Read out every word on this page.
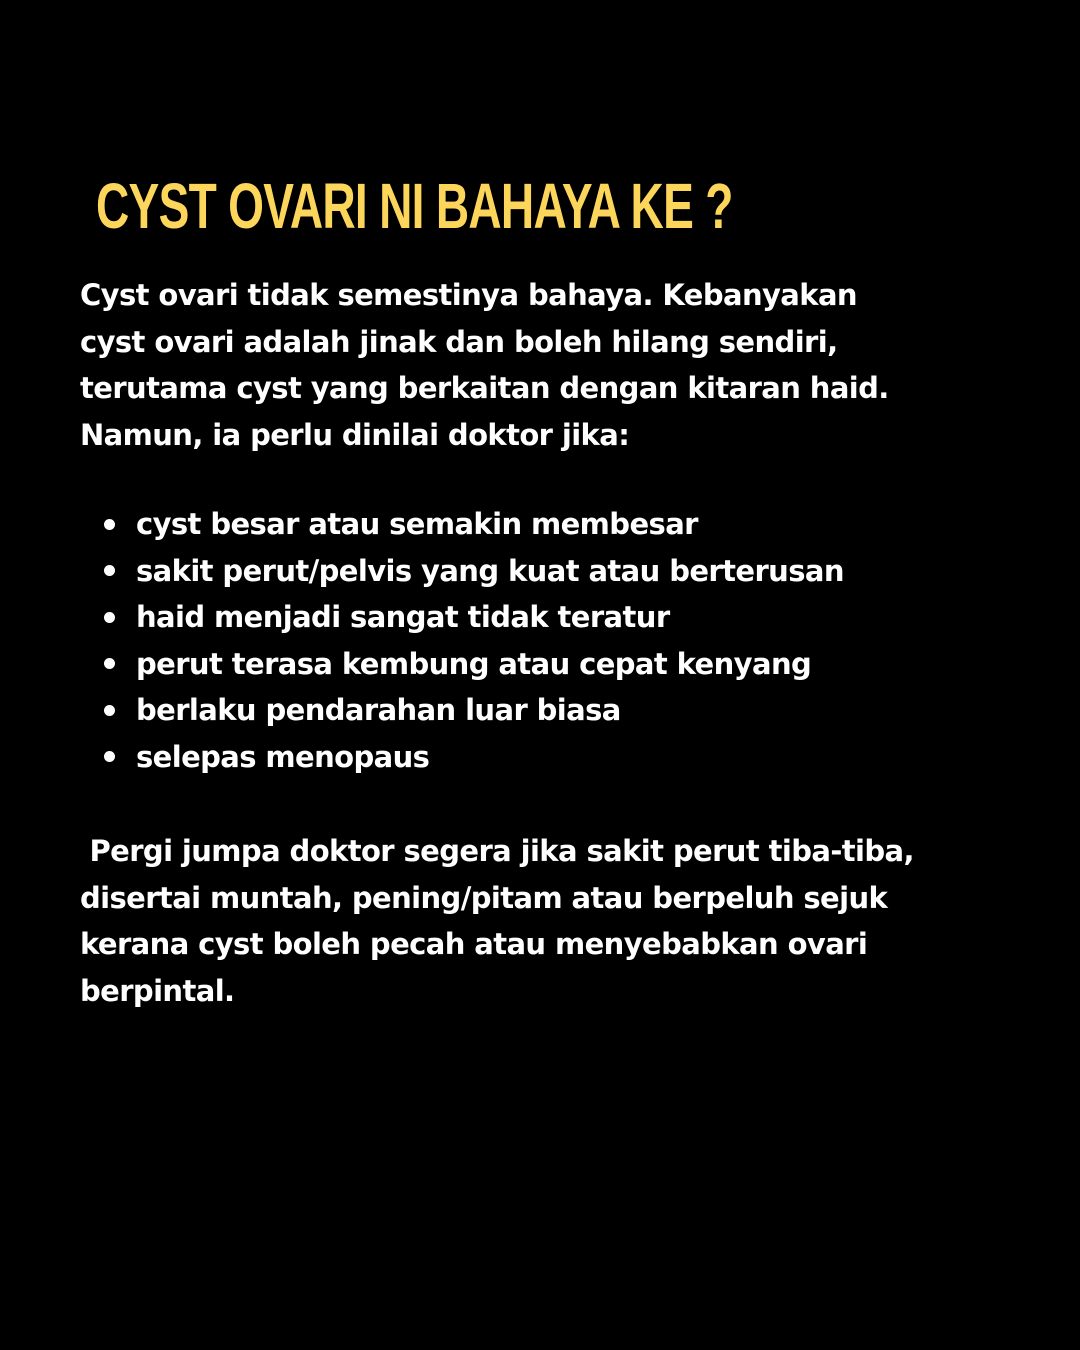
CYST OVARI NI BAHAYA KE ?

Cyst ovari tidak semestinya bahaya. Kebanyakan
cyst ovari adalah jinak dan boleh hilang sendiri,
terutama cyst yang berkaitan dengan kitaran haid.
Namun, ia perlu dinilai doktor jika:

cyst besar atau semakin membesar
sakit perut/pelvis yang kuat atau berterusan
haid menjadi sangat tidak teratur
perut terasa kembung atau cepat kenyang
berlaku pendarahan luar biasa
selepas menopaus

Pergi jumpa doktor segera jika sakit perut tiba-tiba,
disertai muntah, pening/pitam atau berpeluh sejuk
kerana cyst boleh pecah atau menyebabkan ovari
berpintal.
